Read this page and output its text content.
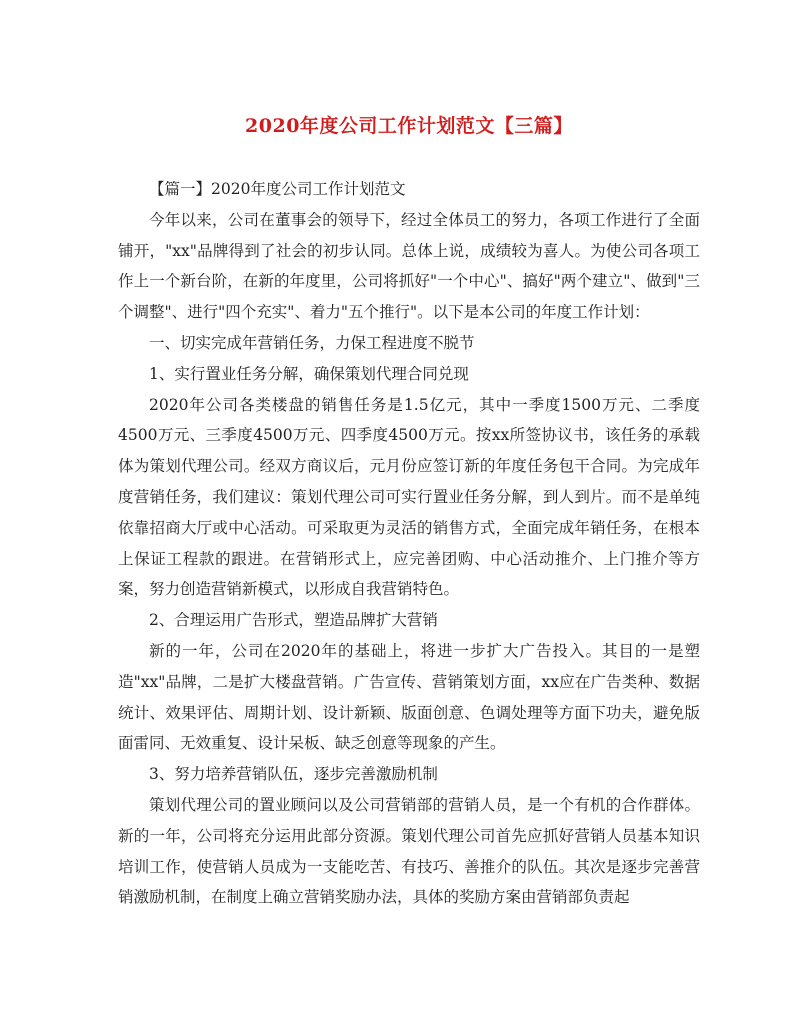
2020年度公司工作计划范文【三篇】

【篇一】2020年度公司工作计划范文

今年以来，公司在董事会的领导下，经过全体员工的努力，各项工作进行了全面铺开，"xx"品牌得到了社会的初步认同。总体上说，成绩较为喜人。为使公司各项工作上一个新台阶，在新的年度里，公司将抓好"一个中心"、搞好"两个建立"、做到"三个调整"、进行"四个充实"、着力"五个推行"。以下是本公司的年度工作计划：

一、切实完成年营销任务，力保工程进度不脱节

1、实行置业任务分解，确保策划代理合同兑现

2020年公司各类楼盘的销售任务是1.5亿元，其中一季度1500万元、二季度4500万元、三季度4500万元、四季度4500万元。按xx所签协议书，该任务的承载体为策划代理公司。经双方商议后，元月份应签订新的年度任务包干合同。为完成年度营销任务，我们建议：策划代理公司可实行置业任务分解，到人到片。而不是单纯依靠招商大厅或中心活动。可采取更为灵活的销售方式，全面完成年销任务，在根本上保证工程款的跟进。在营销形式上，应完善团购、中心活动推介、上门推介等方案，努力创造营销新模式，以形成自我营销特色。

2、合理运用广告形式，塑造品牌扩大营销

新的一年，公司在2020年的基础上，将进一步扩大广告投入。其目的一是塑造"xx"品牌，二是扩大楼盘营销。广告宣传、营销策划方面，xx应在广告类种、数据统计、效果评估、周期计划、设计新颖、版面创意、色调处理等方面下功夫，避免版面雷同、无效重复、设计呆板、缺乏创意等现象的产生。

3、努力培养营销队伍，逐步完善激励机制

策划代理公司的置业顾问以及公司营销部的营销人员，是一个有机的合作群体。新的一年，公司将充分运用此部分资源。策划代理公司首先应抓好营销人员基本知识培训工作，使营销人员成为一支能吃苦、有技巧、善推介的队伍。其次是逐步完善营销激励机制，在制度上确立营销奖励办法，具体的奖励方案由营销部负责起
